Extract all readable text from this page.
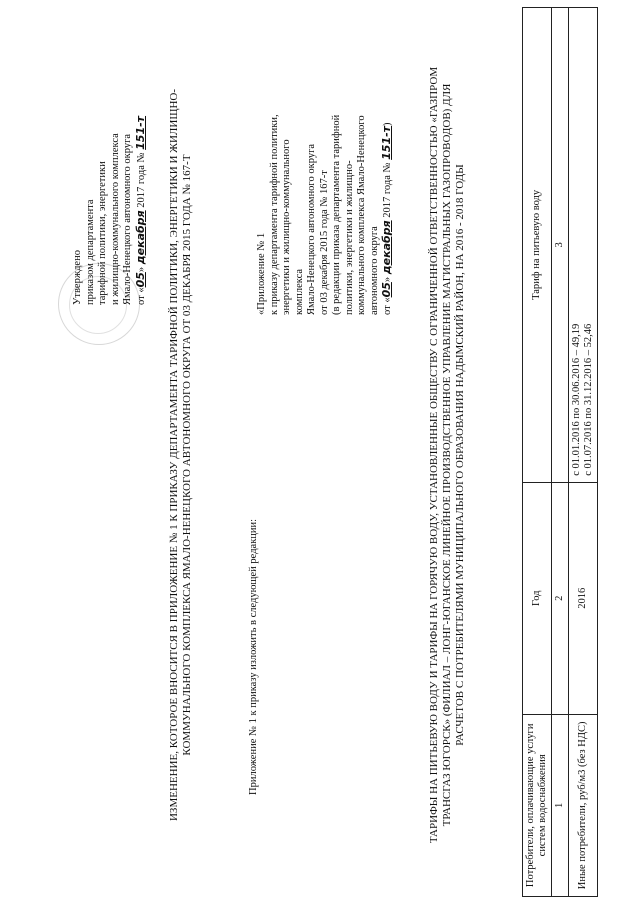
Утверждено приказом департамента тарифной политики, энергетики и жилищно-коммунального комплекса Ямало-Ненецкого автономного округа от «05» декабря 2017 года № 151-т ИЗМЕНЕНИЕ, КОТОРОЕ ВНОСИТСЯ В ПРИЛОЖЕНИЕ № 1 К ПРИКАЗУ ДЕПАРТАМЕНТА ТАРИФНОЙ ПОЛИТИКИ, ЭНЕРГЕТИКИ И ЖИЛИЩНО-КОММУНАЛЬНОГО КОМПЛЕКСА ЯМАЛО-НЕНЕЦКОГО АВТОНОМНОГО ОКРУГА ОТ 03 ДЕКАБРЯ 2015 ГОДА № 167-Т	Приложение № 1 к приказу изложить в следующей редакции:
«Приложение № 1 к приказу департамента тарифной политики, энергетики и жилищно-коммунального комплекса Ямало-Ненецкого автономного округа от 03 декабря 2015 года № 167-т (в редакции приказа департамента тарифной политики, энергетики и жилищно- коммунального комплекса Ямало-Ненецкого автономного округа от «05» декабря 2017 года № 151-т)	ТАРИФЫ НА ПИТЬЕВУЮ ВОДУ И ТАРИФЫ НА ГОРЯЧУЮ ВОДУ, УСТАНОВЛЕННЫЕ ОБЩЕСТВУ С ОГРАНИЧЕННОЙ ОТВЕТСТВЕННОСТЬЮ «ГАЗПРОМ ТРАНСГАЗ ЮГОРСК» (ФИЛИАЛ – ЛОНГ-ЮГАНСКОЕ ЛИНЕЙНОЕ ПРОИЗВОДСТВЕННОЕ УПРАВЛЕНИЕ МАГИСТРАЛЬНЫХ ГАЗОПРОВОДОВ) ДЛЯ РАСЧЕТОВ С ПОТРЕБИТЕЛЯМИ МУНИЦИПАЛЬНОГО ОБРАЗОВАНИЯ НАДЫМСКИЙ РАЙОН, НА 2016 - 2018 ГОДЫ
Потребители, оплачивающие услуги систем водоснабжения	Год	Тариф на питьевую воду
1	2	3
Иные потребители, руб/м3 (без НДС)	2016	с 01.01.2016 по 30.06.2016 – 49,19 с 01.07.2016 по 31.12.2016 – 52,46
